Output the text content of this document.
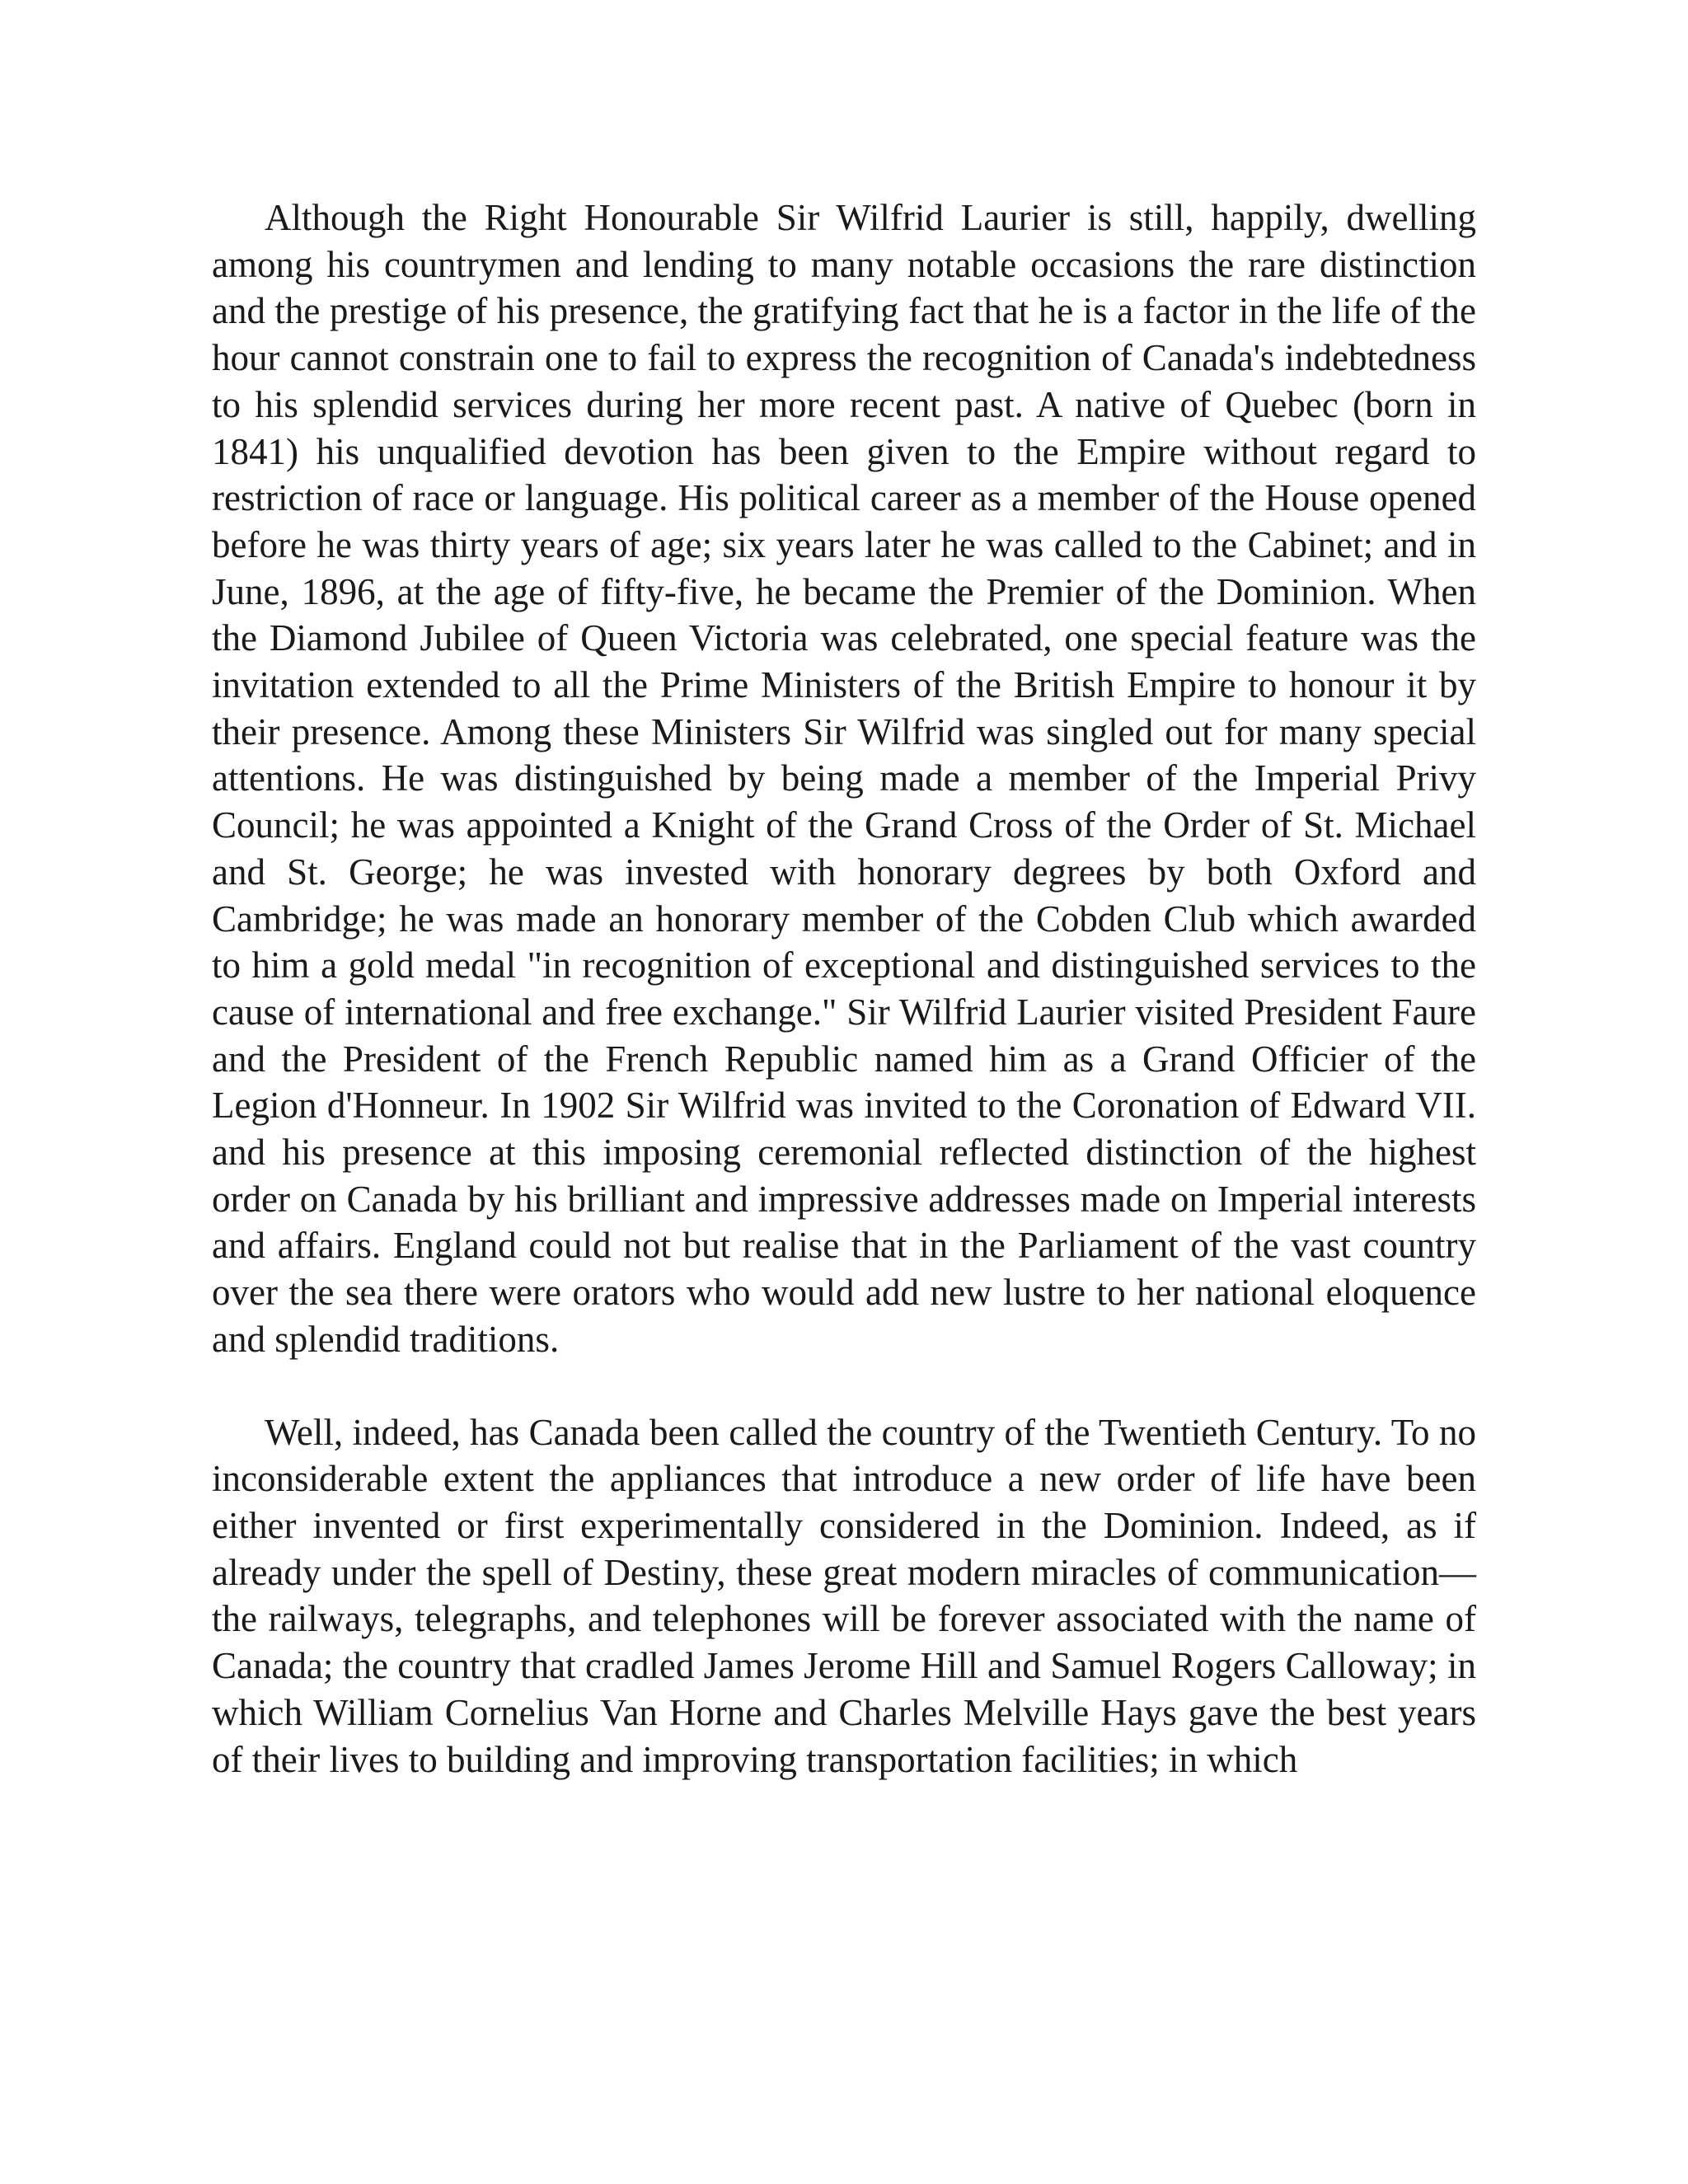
Although the Right Honourable Sir Wilfrid Laurier is still, happily, dwelling among his countrymen and lending to many notable occasions the rare distinction and the prestige of his presence, the gratifying fact that he is a factor in the life of the hour cannot constrain one to fail to express the recognition of Canada's indebtedness to his splendid services during her more recent past. A native of Quebec (born in 1841) his unqualified devotion has been given to the Empire without regard to restriction of race or language. His political career as a member of the House opened before he was thirty years of age; six years later he was called to the Cabinet; and in June, 1896, at the age of fifty-five, he became the Premier of the Dominion. When the Diamond Jubilee of Queen Victoria was celebrated, one special feature was the invitation extended to all the Prime Ministers of the British Empire to honour it by their presence. Among these Ministers Sir Wilfrid was singled out for many special attentions. He was distinguished by being made a member of the Imperial Privy Council; he was appointed a Knight of the Grand Cross of the Order of St. Michael and St. George; he was invested with honorary degrees by both Oxford and Cambridge; he was made an honorary member of the Cobden Club which awarded to him a gold medal "in recognition of exceptional and distinguished services to the cause of international and free exchange." Sir Wilfrid Laurier visited President Faure and the President of the French Republic named him as a Grand Officier of the Legion d'Honneur. In 1902 Sir Wilfrid was invited to the Coronation of Edward VII. and his presence at this imposing ceremonial reflected distinction of the highest order on Canada by his brilliant and impressive addresses made on Imperial interests and affairs. England could not but realise that in the Parliament of the vast country over the sea there were orators who would add new lustre to her national eloquence and splendid traditions.

Well, indeed, has Canada been called the country of the Twentieth Century. To no inconsiderable extent the appliances that introduce a new order of life have been either invented or first experimentally considered in the Dominion. Indeed, as if already under the spell of Destiny, these great modern miracles of communication—the railways, telegraphs, and telephones will be forever associated with the name of Canada; the country that cradled James Jerome Hill and Samuel Rogers Calloway; in which William Cornelius Van Horne and Charles Melville Hays gave the best years of their lives to building and improving transportation facilities; in which
